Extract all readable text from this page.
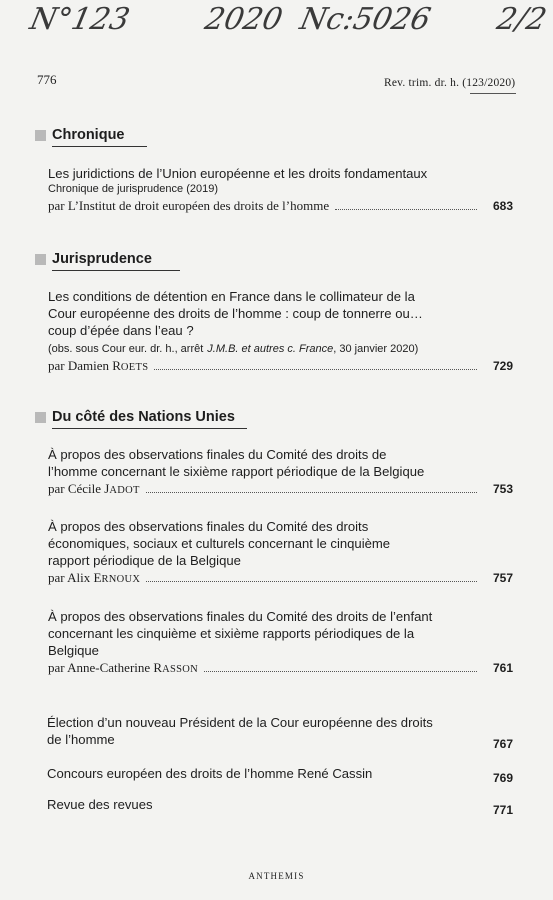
N°123 2020 Nc:5026 2/2
776	Rev. trim. dr. h. (123/2020)
Chronique
Les juridictions de l’Union européenne et les droits fondamentaux
Chronique de jurisprudence (2019)
par L’Institut de droit européen des droits de l’homme	683
Jurisprudence
Les conditions de détention en France dans le collimateur de la
Cour européenne des droits de l’homme : coup de tonnerre ou…
coup d’épée dans l’eau ?
(obs. sous Cour eur. dr. h., arrêt J.M.B. et autres c. France , 30 janvier 2020)
par Damien ROETS	729
Du côté des Nations Unies
À propos des observations finales du Comité des droits de
l’homme concernant le sixième rapport périodique de la Belgique
par Cécile JADOT	753
À propos des observations finales du Comité des droits
économiques, sociaux et culturels concernant le cinquième
rapport périodique de la Belgique
par Alix ERNOUX	757
À propos des observations finales du Comité des droits de l’enfant
concernant les cinquième et sixième rapports périodiques de la
Belgique
par Anne-Catherine RASSON	761
Élection d’un nouveau Président de la Cour européenne des droits
de l’homme	767
Concours européen des droits de l’homme René Cassin	769
Revue des revues	771
ANTHEMIS
